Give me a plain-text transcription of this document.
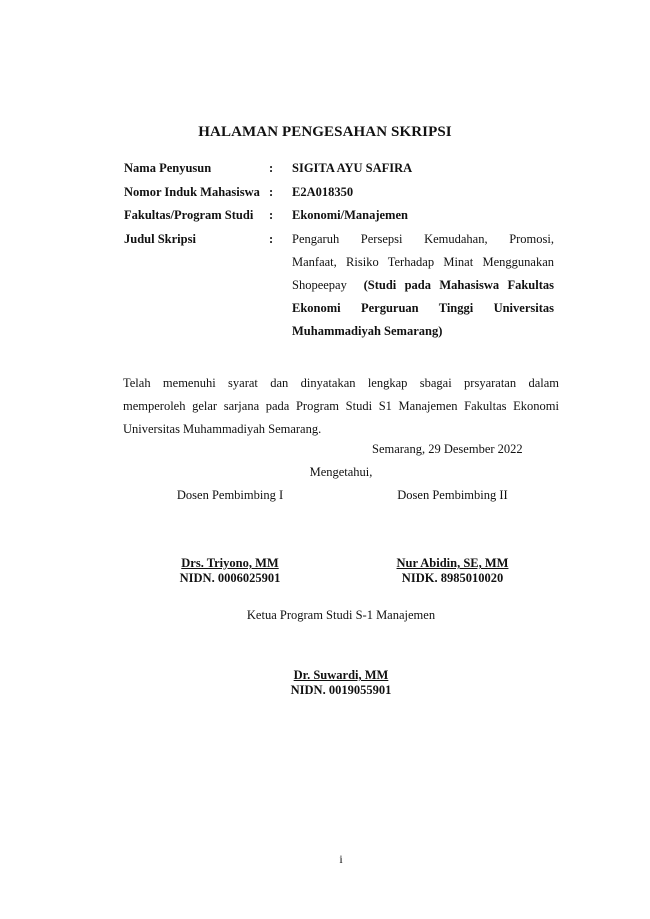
HALAMAN PENGESAHAN SKRIPSI
Nama Penyusun	: SIGITA AYU SAFIRA
Nomor Induk Mahasiswa : E2A018350
Fakultas/Program Studi : Ekonomi/Manajemen
Judul Skripsi	: Pengaruh Persepsi Kemudahan, Promosi,
Manfaat, Risiko Terhadap Minat Menggunakan
Shopeepay (Studi pada Mahasiswa Fakultas
Ekonomi Perguruan Tinggi Universitas
Muhammadiyah Semarang)
Telah memenuhi syarat dan dinyatakan lengkap sbagai prsyaratan dalam
memperoleh gelar sarjana pada Program Studi S1 Manajemen Fakultas Ekonomi
Universitas Muhammadiyah Semarang.
Semarang, 29 Desember 2022
Mengetahui,
Dosen Pembimbing I
Drs. Triyono, MM
NIDN. 0006025901
Dosen Pembimbing II
Nur Abidin, SE, MM
NIDK. 8985010020
Ketua Program Studi S-1 Manajemen
Dr. Suwardi, MM
NIDN. 0019055901
i
